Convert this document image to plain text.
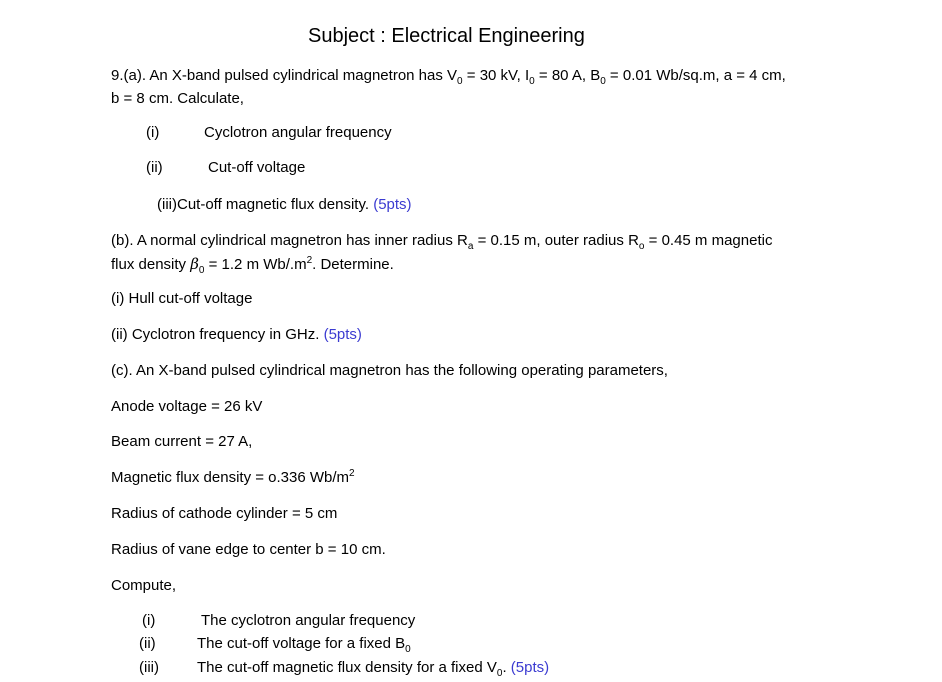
Subject : Electrical Engineering
9.(a). An X-band pulsed cylindrical magnetron has $V_0 = 30$ kV, $I_0 = 80$ A, $B_0 = 0.01$ Wb/sq.m, a = 4 cm,
b = 8 cm. Calculate,
(i)	Cyclotron angular frequency
(ii)	Cut-off voltage
(iii)Cut-off magnetic flux density. (5pts)
(b). A normal cylindrical magnetron has inner radius $R_a = 0.15$ m, outer radius $R_o = 0.45$ m magnetic
flux density $\beta_0 = 1.2$ m $Wb/.m^2$. Determine.
(i) Hull cut-off voltage
(ii) Cyclotron frequency in GHz. (5pts)
(c). An X-band pulsed cylindrical magnetron has the following operating parameters,
Anode voltage = 26 kV
Beam current = 27 A,
Magnetic flux density = o.336 $Wb/m^2$
Radius of cathode cylinder = 5 cm
Radius of vane edge to center b = 10 cm.
Compute,
(i)	The cyclotron angular frequency
(ii)	The cut-off voltage for a fixed $B_0$
(iii)	The cut-off magnetic flux density for a fixed $V_0$. (5pts)
